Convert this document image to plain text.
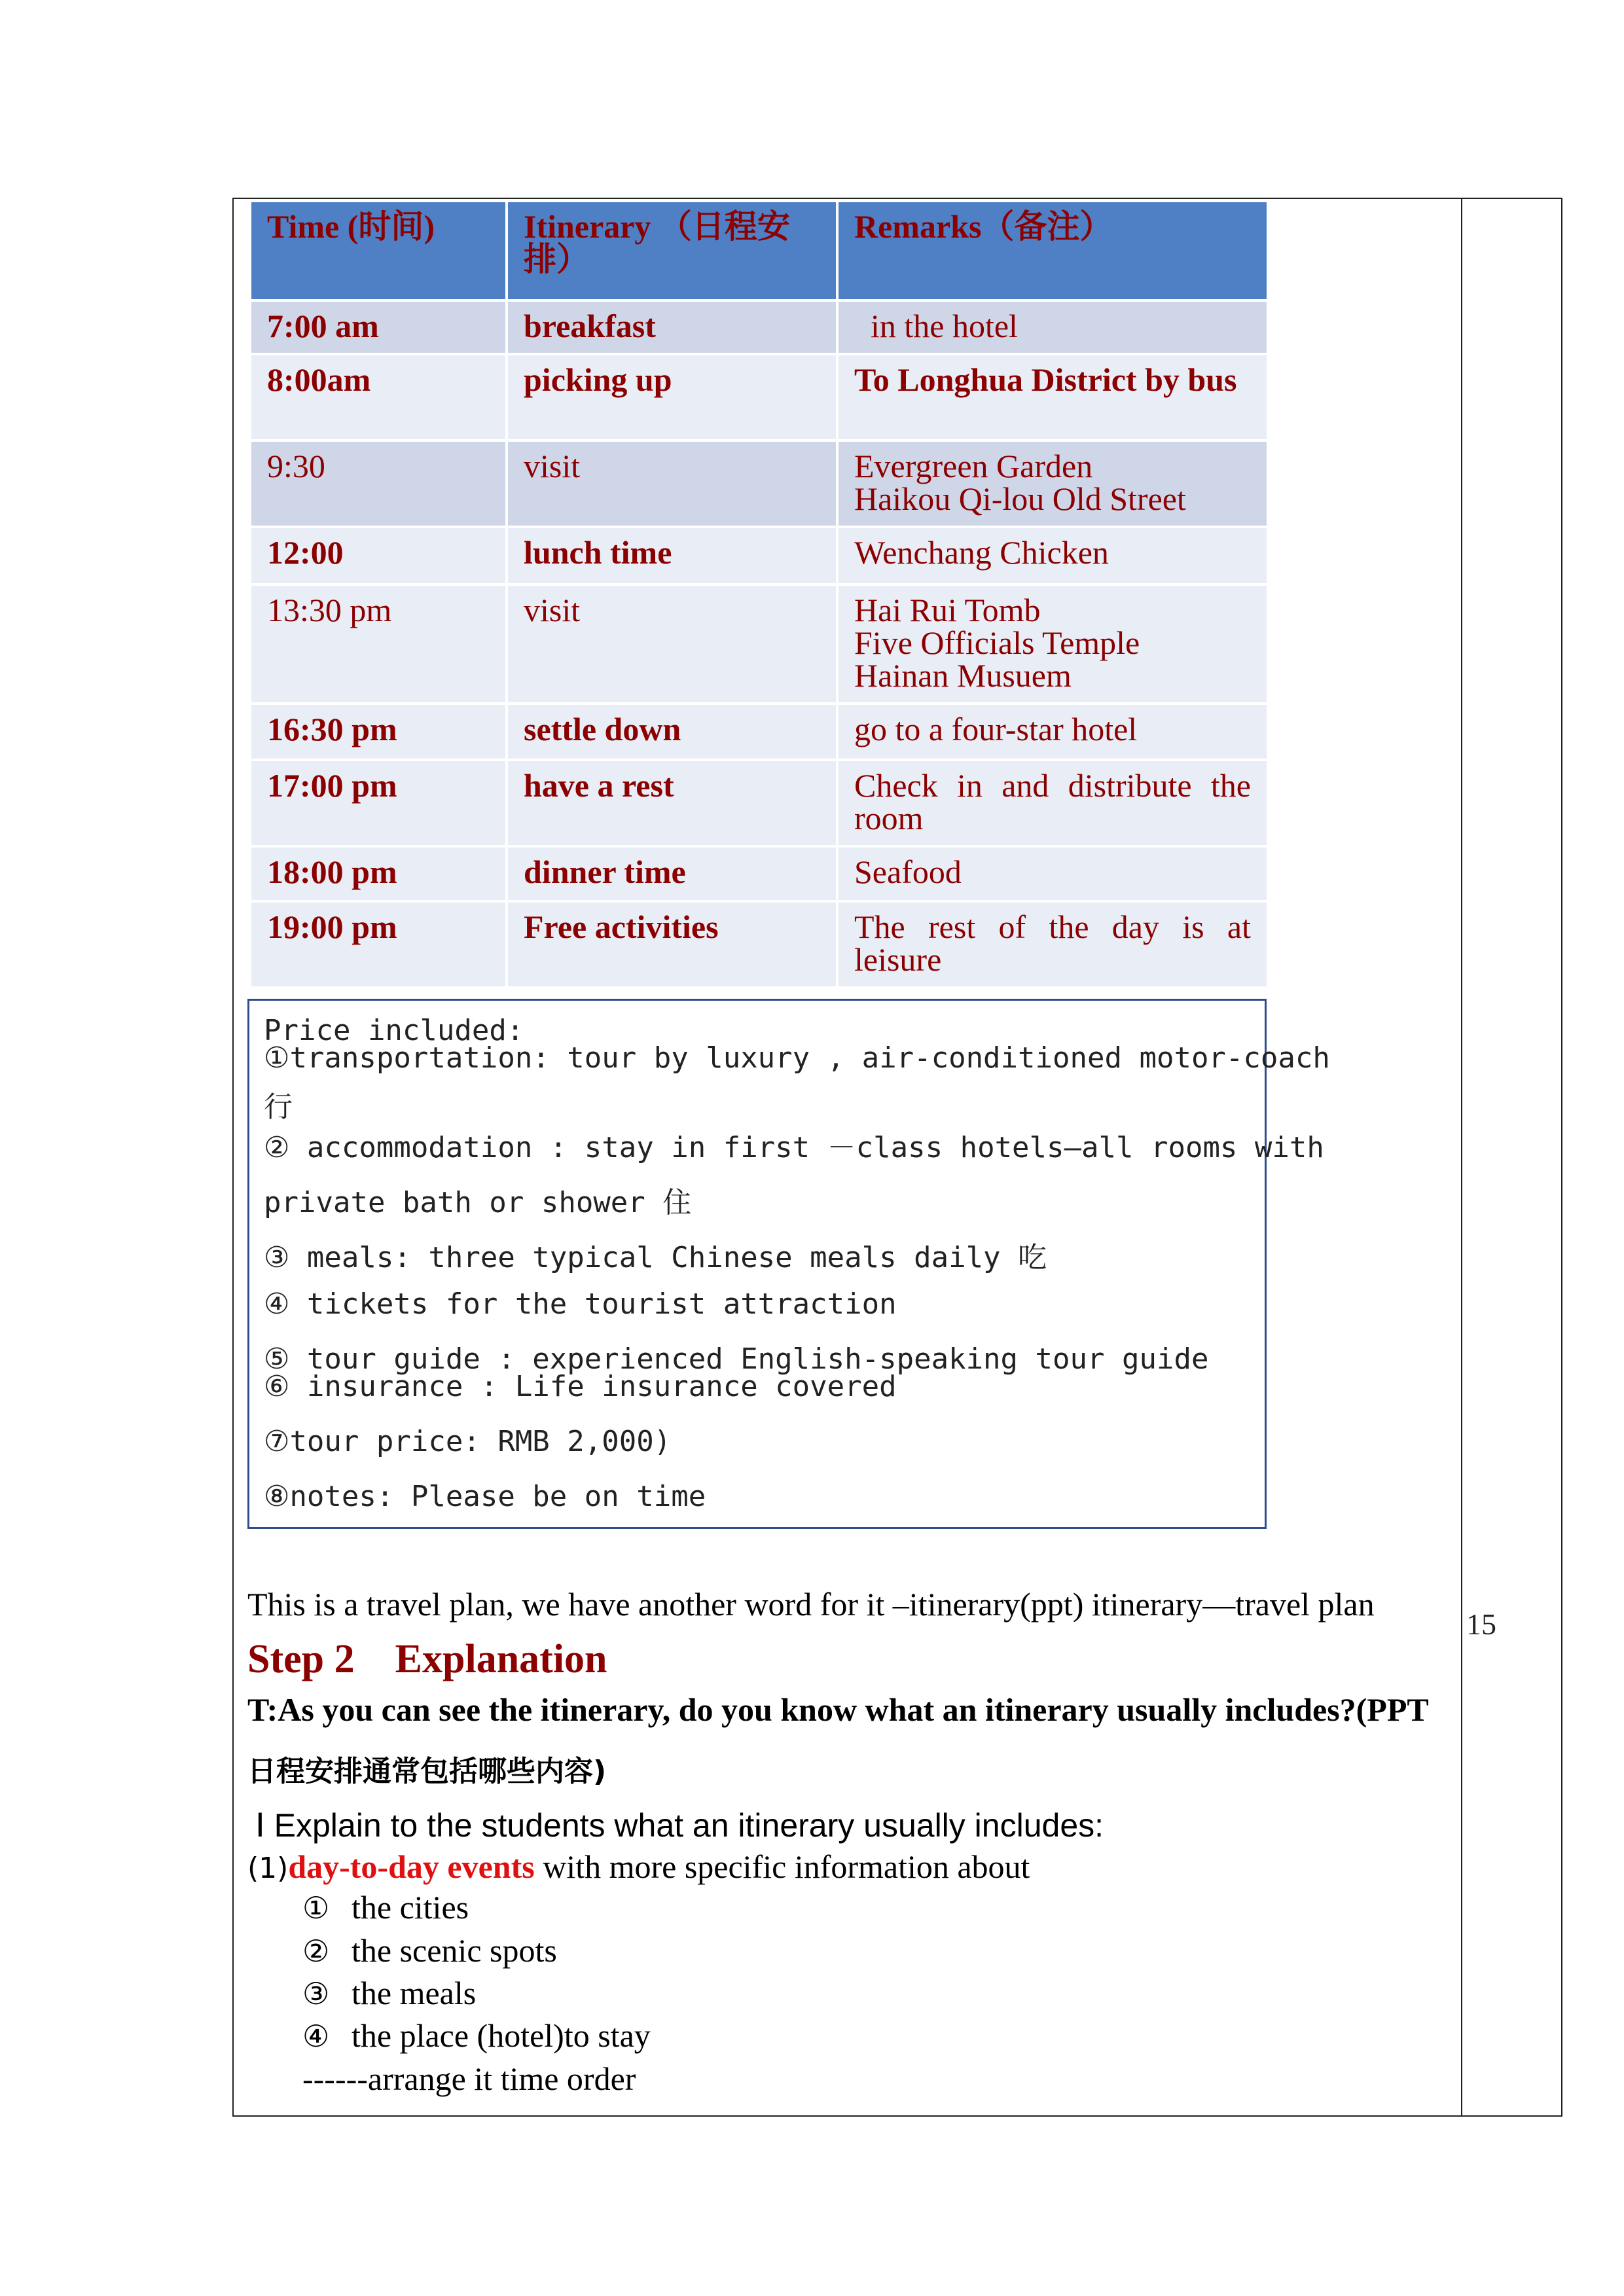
15
Time (时间)	Itinerary （日程安排）	Remarks（备注）
7:00 am	breakfast	in the hotel
8:00am	picking up	To Longhua District by bus
9:30	visit	Evergreen Garden
Haikou Qi-lou Old Street

12:00	lunch time	Wenchang Chicken
13:30 pm	visit	Hai Rui Tomb
Five Officials Temple
Hainan Musuem

16:30 pm	settle down	go to a four-star hotel
17:00 pm	have a rest	Check in and distribute the room
18:00 pm	dinner time	Seafood
19:00 pm	Free activities	The rest of the day is at leisure
Price included:
①transportation: tour by luxury , air-conditioned motor-coach
行
② accommodation : stay in first －class hotels—all rooms with
private bath or shower 住
③ meals: three typical Chinese meals daily 吃
④ tickets for the tourist attraction
⑤ tour guide : experienced English-speaking tour guide
⑥ insurance : Life insurance covered
⑦tour price: RMB 2,000)
⑧notes: Please be on time
This is a travel plan, we have another word for it –itinerary(ppt) itinerary—travel plan
Step 2    Explanation
T:As you can see the itinerary, do you know what an itinerary usually includes?(PPT
日程安排通常包括哪些内容)
Ⅰ Explain to the students what an itinerary usually includes:
(1)day-to-day events with more specific information about
① the cities
② the scenic spots
③ the meals
④ the place (hotel)to stay
------arrange it time order
